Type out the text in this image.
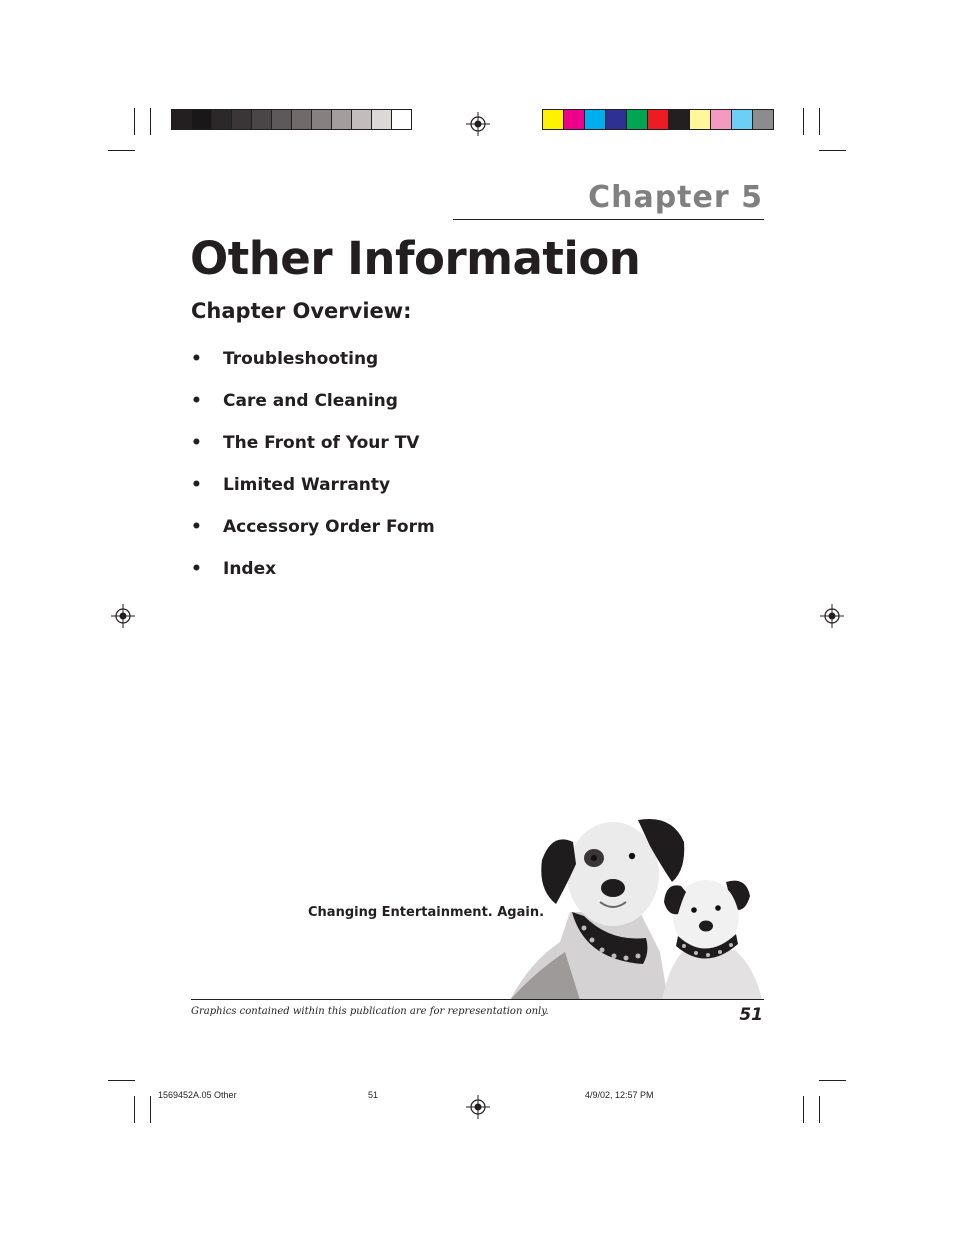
Chapter 5
Other Information
Chapter Overview:
• Troubleshooting
• Care and Cleaning
• The Front of Your TV
• Limited Warranty
• Accessory Order Form
• Index
Changing Entertainment. Again.
Graphics contained within this publication are for representation only.	51
1569452A.05 Other	51	4/9/02, 12:57 PM
